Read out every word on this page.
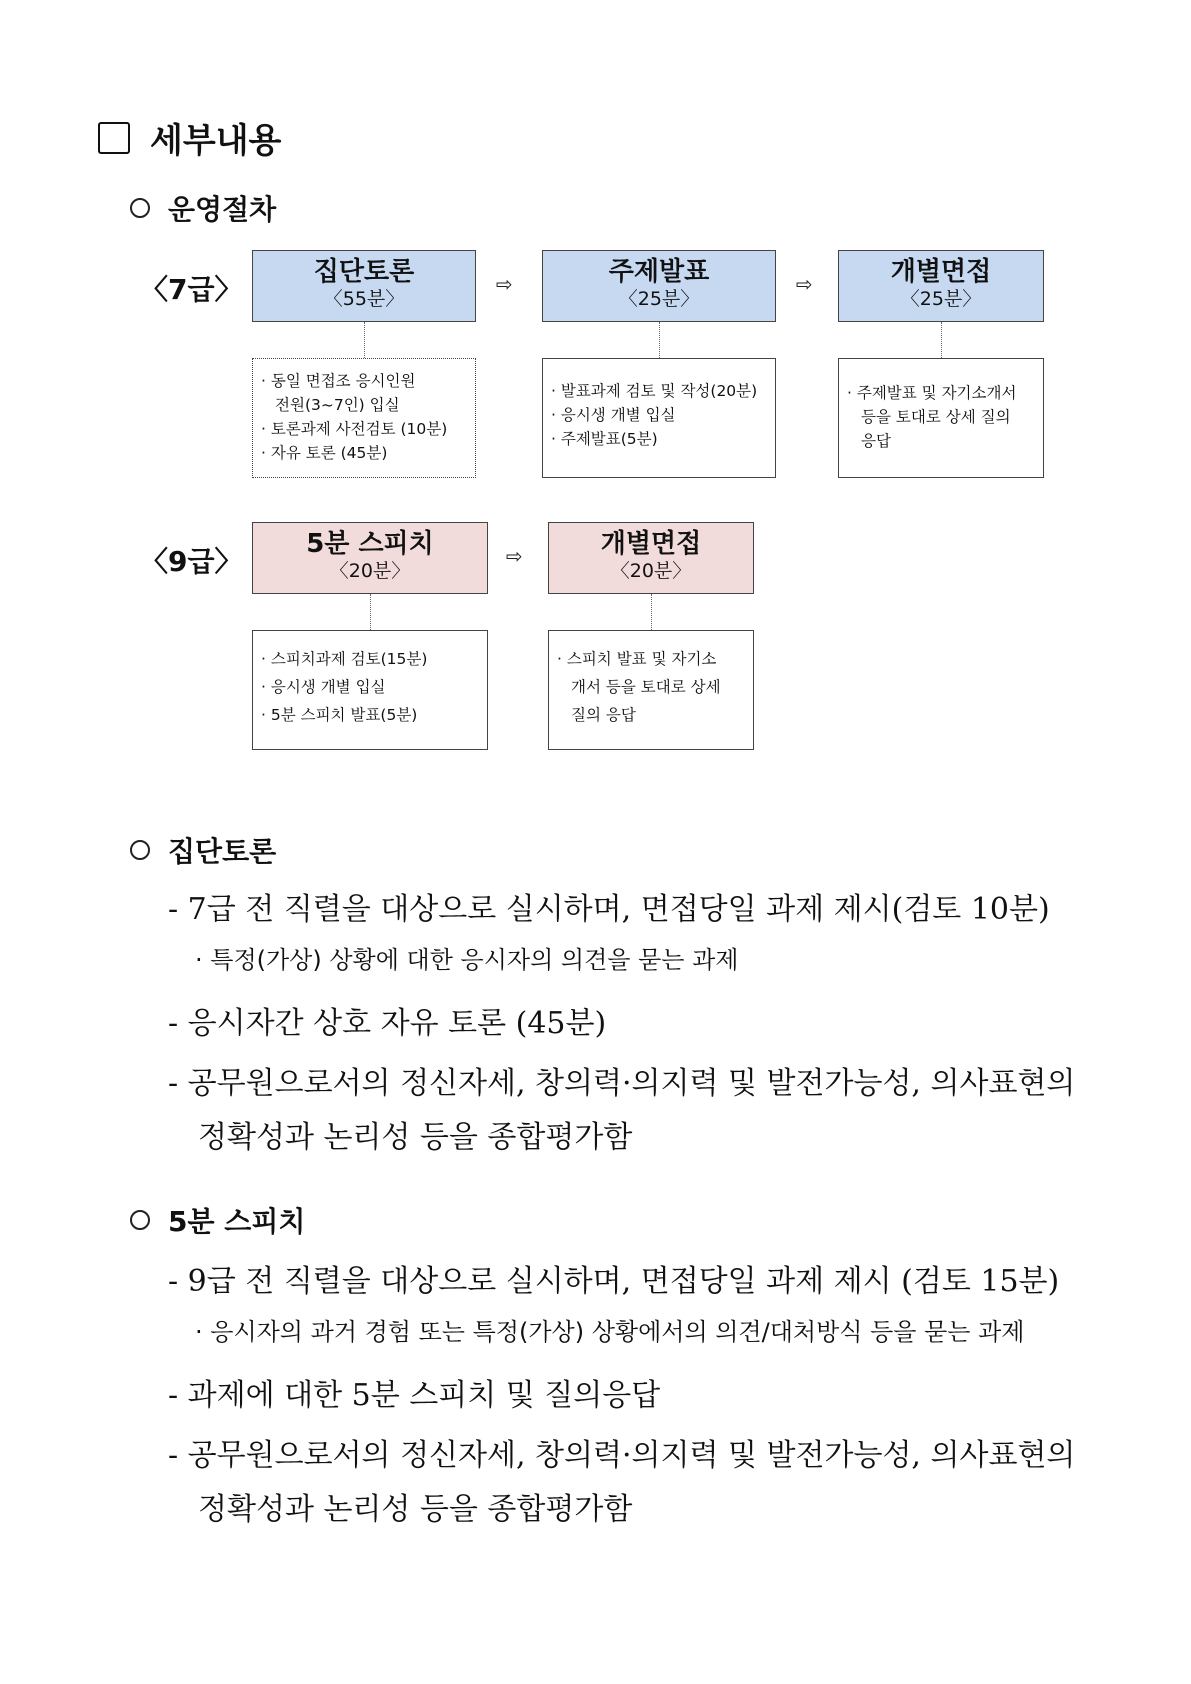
세부내용
운영절차
〈7급〉
집단토론
〈55분〉
⇨	주제발표
〈25분〉
⇨	개별면접
〈25분〉
· 동일 면접조 응시인원
전원(3~7인) 입실
· 토론과제 사전검토 (10분)
· 자유 토론 (45분)
· 발표과제 검토 및 작성(20분)
· 응시생 개별 입실
· 주제발표(5분)
· 주제발표 및 자기소개서
등을 토대로 상세 질의
응답
〈9급〉
5분 스피치
〈20분〉
⇨	개별면접
〈20분〉
· 스피치과제 검토(15분)
· 응시생 개별 입실
· 5분 스피치 발표(5분)
· 스피치 발표 및 자기소
개서 등을 토대로 상세
질의 응답
집단토론
- 7급 전 직렬을 대상으로 실시하며, 면접당일 과제 제시(검토 10분)
· 특정(가상) 상황에 대한 응시자의 의견을 묻는 과제
- 응시자간 상호 자유 토론 (45분)
- 공무원으로서의 정신자세, 창의력·의지력 및 발전가능성, 의사표현의
정확성과 논리성 등을 종합평가함
5분 스피치
- 9급 전 직렬을 대상으로 실시하며, 면접당일 과제 제시 (검토 15분)
· 응시자의 과거 경험 또는 특정(가상) 상황에서의 의견/대처방식 등을 묻는 과제
- 과제에 대한 5분 스피치 및 질의응답
- 공무원으로서의 정신자세, 창의력·의지력 및 발전가능성, 의사표현의
정확성과 논리성 등을 종합평가함
